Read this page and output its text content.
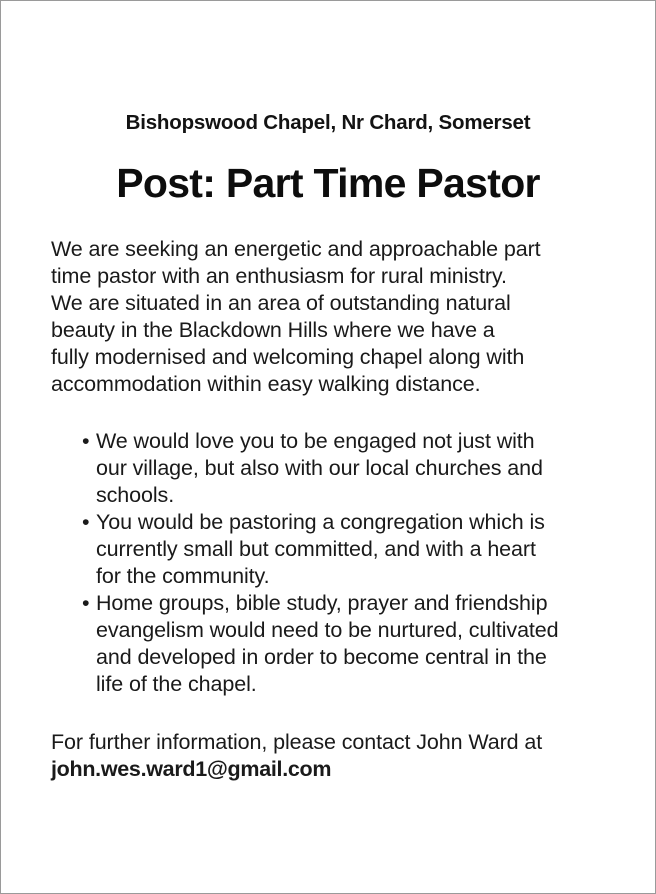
Bishopswood Chapel, Nr Chard, Somerset
Post: Part Time Pastor
We are seeking an energetic and approachable part
time pastor with an enthusiasm for rural ministry.
We are situated in an area of outstanding natural
beauty in the Blackdown Hills where we have a
fully modernised and welcoming chapel along with
accommodation within easy walking distance.
• We would love you to be engaged not just with
our village, but also with our local churches and
schools.
• You would be pastoring a congregation which is
currently small but committed, and with a heart
for the community.
• Home groups, bible study, prayer and friendship
evangelism would need to be nurtured, cultivated
and developed in order to become central in the
life of the chapel.
For further information, please contact John Ward at
john.wes.ward1@gmail.com
